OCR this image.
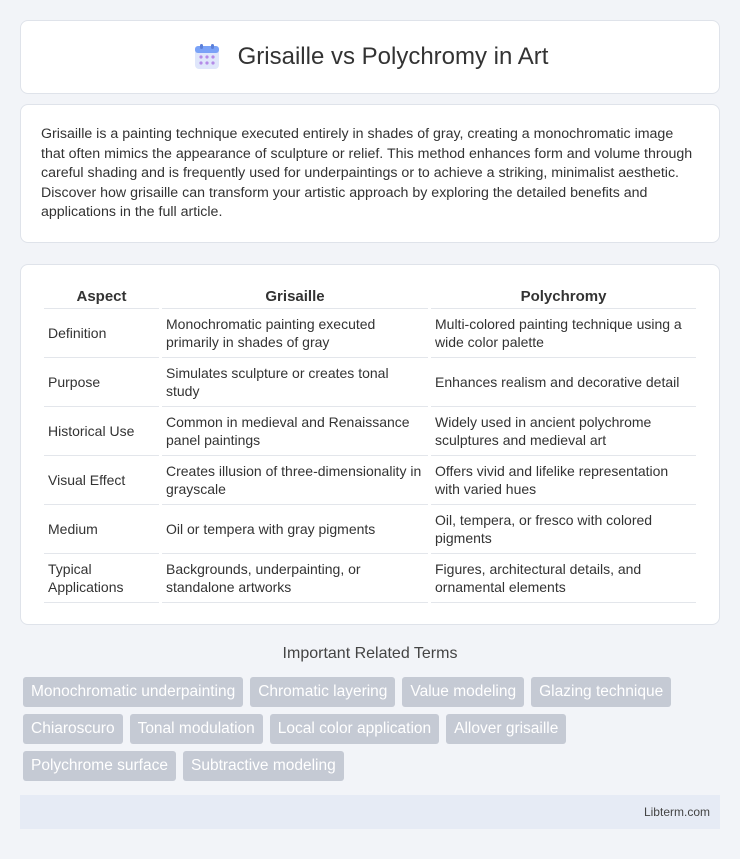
Grisaille vs Polychromy in Art

Grisaille is a painting technique executed entirely in shades of gray, creating a monochromatic image that often mimics the appearance of sculpture or relief. This method enhances form and volume through careful shading and is frequently used for underpaintings or to achieve a striking, minimalist aesthetic. Discover how grisaille can transform your artistic approach by exploring the detailed benefits and applications in the full article.

Aspect	Grisaille	Polychromy
Definition	Monochromatic painting executed primarily in shades of gray	Multi-colored painting technique using a wide color palette
Purpose	Simulates sculpture or creates tonal study	Enhances realism and decorative detail
Historical Use	Common in medieval and Renaissance panel paintings	Widely used in ancient polychrome sculptures and medieval art
Visual Effect	Creates illusion of three-dimensionality in grayscale	Offers vivid and lifelike representation with varied hues
Medium	Oil or tempera with gray pigments	Oil, tempera, or fresco with colored pigments
Typical Applications	Backgrounds, underpainting, or standalone artworks	Figures, architectural details, and ornamental elements
Important Related Terms
Monochromatic underpainting	Chromatic layering	Value modeling	Glazing technique
Chiaroscuro	Tonal modulation	Local color application	Allover grisaille
Polychrome surface	Subtractive modeling
Libterm.com
